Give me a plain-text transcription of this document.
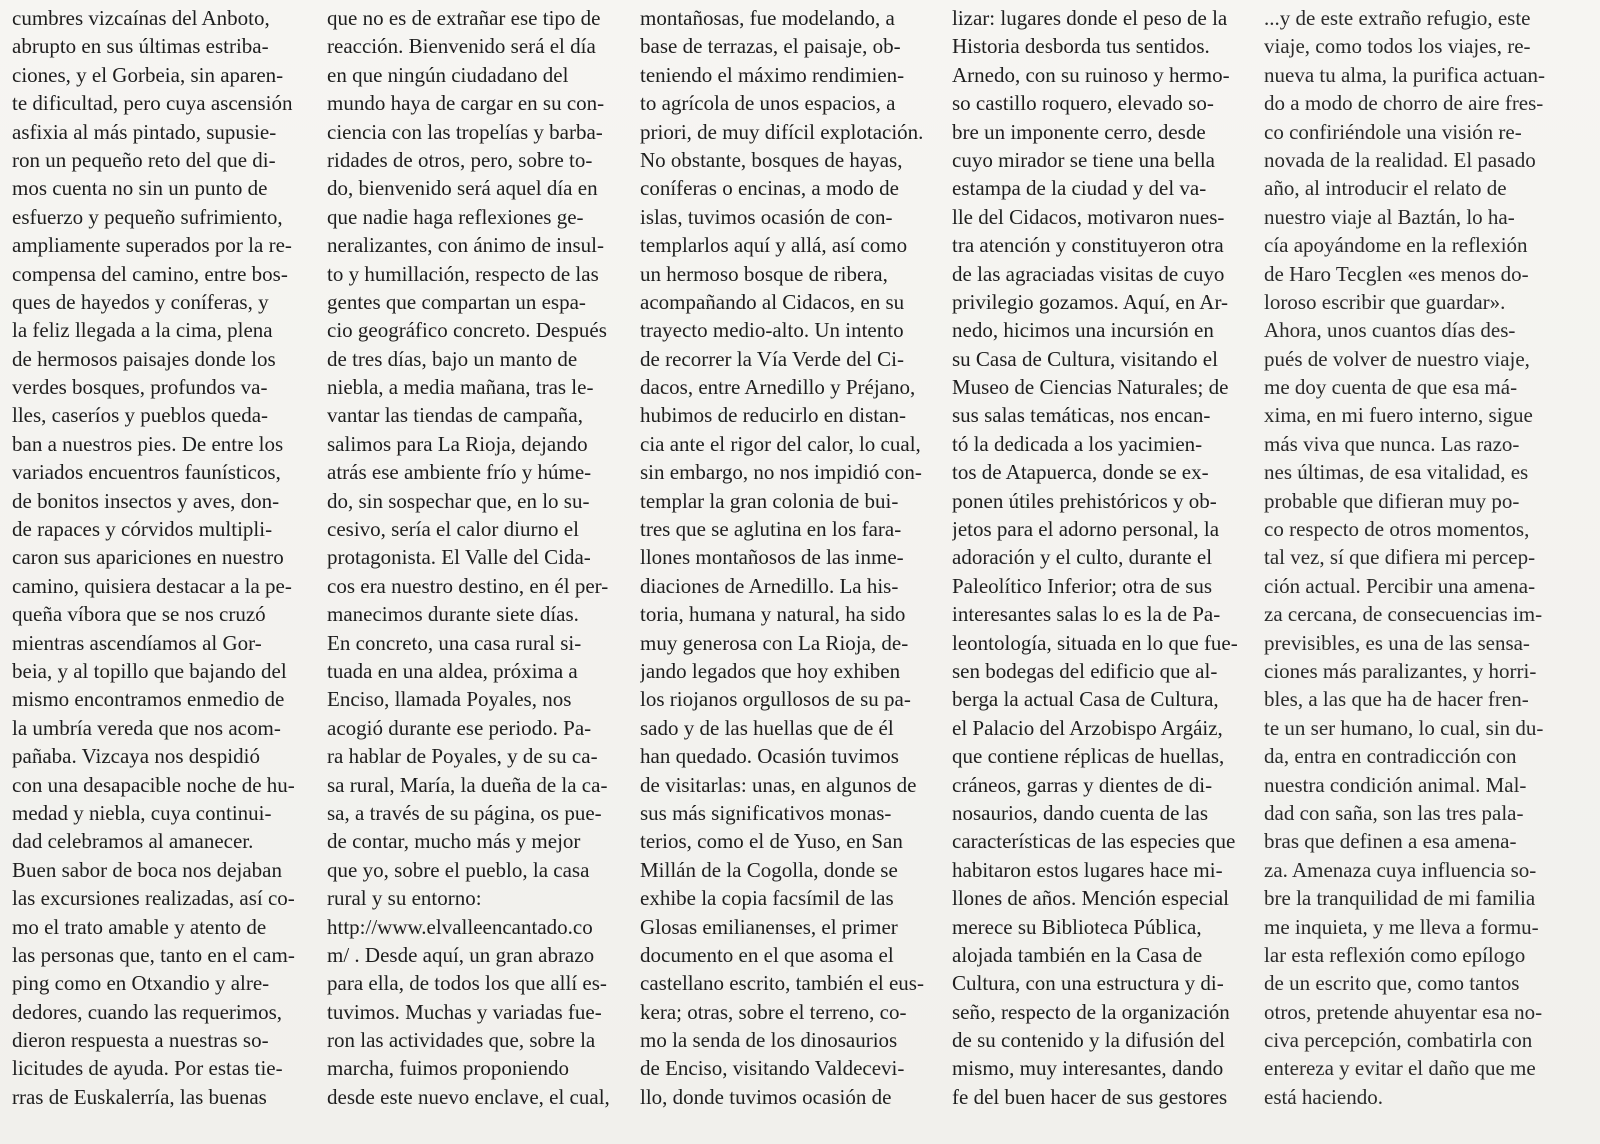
cumbres vizcaínas del Anboto,
abrupto en sus últimas estriba-
ciones, y el Gorbeia, sin aparen-
te dificultad, pero cuya ascensión
asfixia al más pintado, supusie-
ron un pequeño reto del que di-
mos cuenta no sin un punto de
esfuerzo y pequeño sufrimiento,
ampliamente superados por la re-
compensa del camino, entre bos-
ques de hayedos y coníferas, y
la feliz llegada a la cima, plena
de hermosos paisajes donde los
verdes bosques, profundos va-
lles, caseríos y pueblos queda-
ban a nuestros pies. De entre los
variados encuentros faunísticos,
de bonitos insectos y aves, don-
de rapaces y córvidos multipli-
caron sus apariciones en nuestro
camino, quisiera destacar a la pe-
queña víbora que se nos cruzó
mientras ascendíamos al Gor-
beia, y al topillo que bajando del
mismo encontramos enmedio de
la umbría vereda que nos acom-
pañaba. Vizcaya nos despidió
con una desapacible noche de hu-
medad y niebla, cuya continui-
dad celebramos al amanecer.
Buen sabor de boca nos dejaban
las excursiones realizadas, así co-
mo el trato amable y atento de
las personas que, tanto en el cam-
ping como en Otxandio y alre-
dedores, cuando las requerimos,
dieron respuesta a nuestras so-
licitudes de ayuda. Por estas tie-
rras de Euskalerría, las buenas
que no es de extrañar ese tipo de
reacción. Bienvenido será el día
en que ningún ciudadano del
mundo haya de cargar en su con-
ciencia con las tropelías y barba-
ridades de otros, pero, sobre to-
do, bienvenido será aquel día en
que nadie haga reflexiones ge-
neralizantes, con ánimo de insul-
to y humillación, respecto de las
gentes que compartan un espa-
cio geográfico concreto. Después
de tres días, bajo un manto de
niebla, a media mañana, tras le-
vantar las tiendas de campaña,
salimos para La Rioja, dejando
atrás ese ambiente frío y húme-
do, sin sospechar que, en lo su-
cesivo, sería el calor diurno el
protagonista. El Valle del Cida-
cos era nuestro destino, en él per-
manecimos durante siete días.
En concreto, una casa rural si-
tuada en una aldea, próxima a
Enciso, llamada Poyales, nos
acogió durante ese periodo. Pa-
ra hablar de Poyales, y de su ca-
sa rural, María, la dueña de la ca-
sa, a través de su página, os pue-
de contar, mucho más y mejor
que yo, sobre el pueblo, la casa
rural y su entorno:
http://www.elvalleencantado.co
m/ . Desde aquí, un gran abrazo
para ella, de todos los que allí es-
tuvimos. Muchas y variadas fue-
ron las actividades que, sobre la
marcha, fuimos proponiendo
desde este nuevo enclave, el cual,
montañosas, fue modelando, a
base de terrazas, el paisaje, ob-
teniendo el máximo rendimien-
to agrícola de unos espacios, a
priori, de muy difícil explotación.
No obstante, bosques de hayas,
coníferas o encinas, a modo de
islas, tuvimos ocasión de con-
templarlos aquí y allá, así como
un hermoso bosque de ribera,
acompañando al Cidacos, en su
trayecto medio-alto. Un intento
de recorrer la Vía Verde del Ci-
dacos, entre Arnedillo y Préjano,
hubimos de reducirlo en distan-
cia ante el rigor del calor, lo cual,
sin embargo, no nos impidió con-
templar la gran colonia de bui-
tres que se aglutina en los fara-
llones montañosos de las inme-
diaciones de Arnedillo. La his-
toria, humana y natural, ha sido
muy generosa con La Rioja, de-
jando legados que hoy exhiben
los riojanos orgullosos de su pa-
sado y de las huellas que de él
han quedado. Ocasión tuvimos
de visitarlas: unas, en algunos de
sus más significativos monas-
terios, como el de Yuso, en San
Millán de la Cogolla, donde se
exhibe la copia facsímil de las
Glosas emilianenses, el primer
documento en el que asoma el
castellano escrito, también el eus-
kera; otras, sobre el terreno, co-
mo la senda de los dinosaurios
de Enciso, visitando Valdecevi-
llo, donde tuvimos ocasión de
lizar: lugares donde el peso de la
Historia desborda tus sentidos.
Arnedo, con su ruinoso y hermo-
so castillo roquero, elevado so-
bre un imponente cerro, desde
cuyo mirador se tiene una bella
estampa de la ciudad y del va-
lle del Cidacos, motivaron nues-
tra atención y constituyeron otra
de las agraciadas visitas de cuyo
privilegio gozamos. Aquí, en Ar-
nedo, hicimos una incursión en
su Casa de Cultura, visitando el
Museo de Ciencias Naturales; de
sus salas temáticas, nos encan-
tó la dedicada a los yacimien-
tos de Atapuerca, donde se ex-
ponen útiles prehistóricos y ob-
jetos para el adorno personal, la
adoración y el culto, durante el
Paleolítico Inferior; otra de sus
interesantes salas lo es la de Pa-
leontología, situada en lo que fue-
sen bodegas del edificio que al-
berga la actual Casa de Cultura,
el Palacio del Arzobispo Argáiz,
que contiene réplicas de huellas,
cráneos, garras y dientes de di-
nosaurios, dando cuenta de las
características de las especies que
habitaron estos lugares hace mi-
llones de años. Mención especial
merece su Biblioteca Pública,
alojada también en la Casa de
Cultura, con una estructura y di-
seño, respecto de la organización
de su contenido y la difusión del
mismo, muy interesantes, dando
fe del buen hacer de sus gestores
...y de este extraño refugio, este
viaje, como todos los viajes, re-
nueva tu alma, la purifica actuan-
do a modo de chorro de aire fres-
co confiriéndole una visión re-
novada de la realidad. El pasado
año, al introducir el relato de
nuestro viaje al Baztán, lo ha-
cía apoyándome en la reflexión
de Haro Tecglen «es menos do-
loroso escribir que guardar».
Ahora, unos cuantos días des-
pués de volver de nuestro viaje,
me doy cuenta de que esa má-
xima, en mi fuero interno, sigue
más viva que nunca. Las razo-
nes últimas, de esa vitalidad, es
probable que difieran muy po-
co respecto de otros momentos,
tal vez, sí que difiera mi percep-
ción actual. Percibir una amena-
za cercana, de consecuencias im-
previsibles, es una de las sensa-
ciones más paralizantes, y horri-
bles, a las que ha de hacer fren-
te un ser humano, lo cual, sin du-
da, entra en contradicción con
nuestra condición animal. Mal-
dad con saña, son las tres pala-
bras que definen a esa amena-
za. Amenaza cuya influencia so-
bre la tranquilidad de mi familia
me inquieta, y me lleva a formu-
lar esta reflexión como epílogo
de un escrito que, como tantos
otros, pretende ahuyentar esa no-
civa percepción, combatirla con
entereza y evitar el daño que me
está haciendo.
